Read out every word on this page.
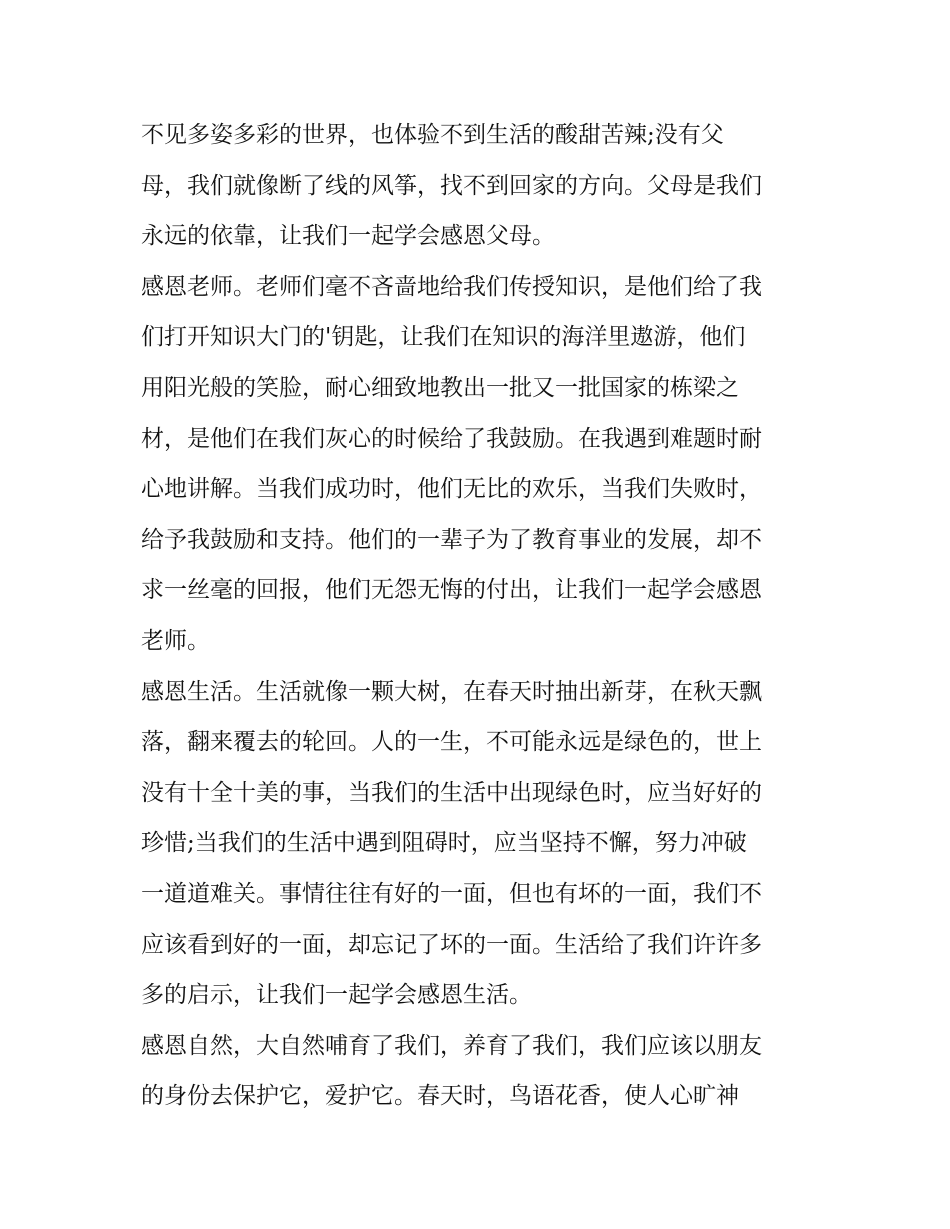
不见多姿多彩的世界，也体验不到生活的酸甜苦辣;没有父
母，我们就像断了线的风筝，找不到回家的方向。父母是我们
永远的依靠，让我们一起学会感恩父母。
感恩老师。老师们毫不吝啬地给我们传授知识，是他们给了我
们打开知识大门的'钥匙，让我们在知识的海洋里遨游，他们
用阳光般的笑脸，耐心细致地教出一批又一批国家的栋梁之
材，是他们在我们灰心的时候给了我鼓励。在我遇到难题时耐
心地讲解。当我们成功时，他们无比的欢乐，当我们失败时，
给予我鼓励和支持。他们的一辈子为了教育事业的发展，却不
求一丝毫的回报，他们无怨无悔的付出，让我们一起学会感恩
老师。
感恩生活。生活就像一颗大树，在春天时抽出新芽，在秋天飘
落，翻来覆去的轮回。人的一生，不可能永远是绿色的，世上
没有十全十美的事，当我们的生活中出现绿色时，应当好好的
珍惜;当我们的生活中遇到阻碍时，应当坚持不懈，努力冲破
一道道难关。事情往往有好的一面，但也有坏的一面，我们不
应该看到好的一面，却忘记了坏的一面。生活给了我们许许多
多的启示，让我们一起学会感恩生活。
感恩自然，大自然哺育了我们，养育了我们，我们应该以朋友
的身份去保护它，爱护它。春天时，鸟语花香，使人心旷神
